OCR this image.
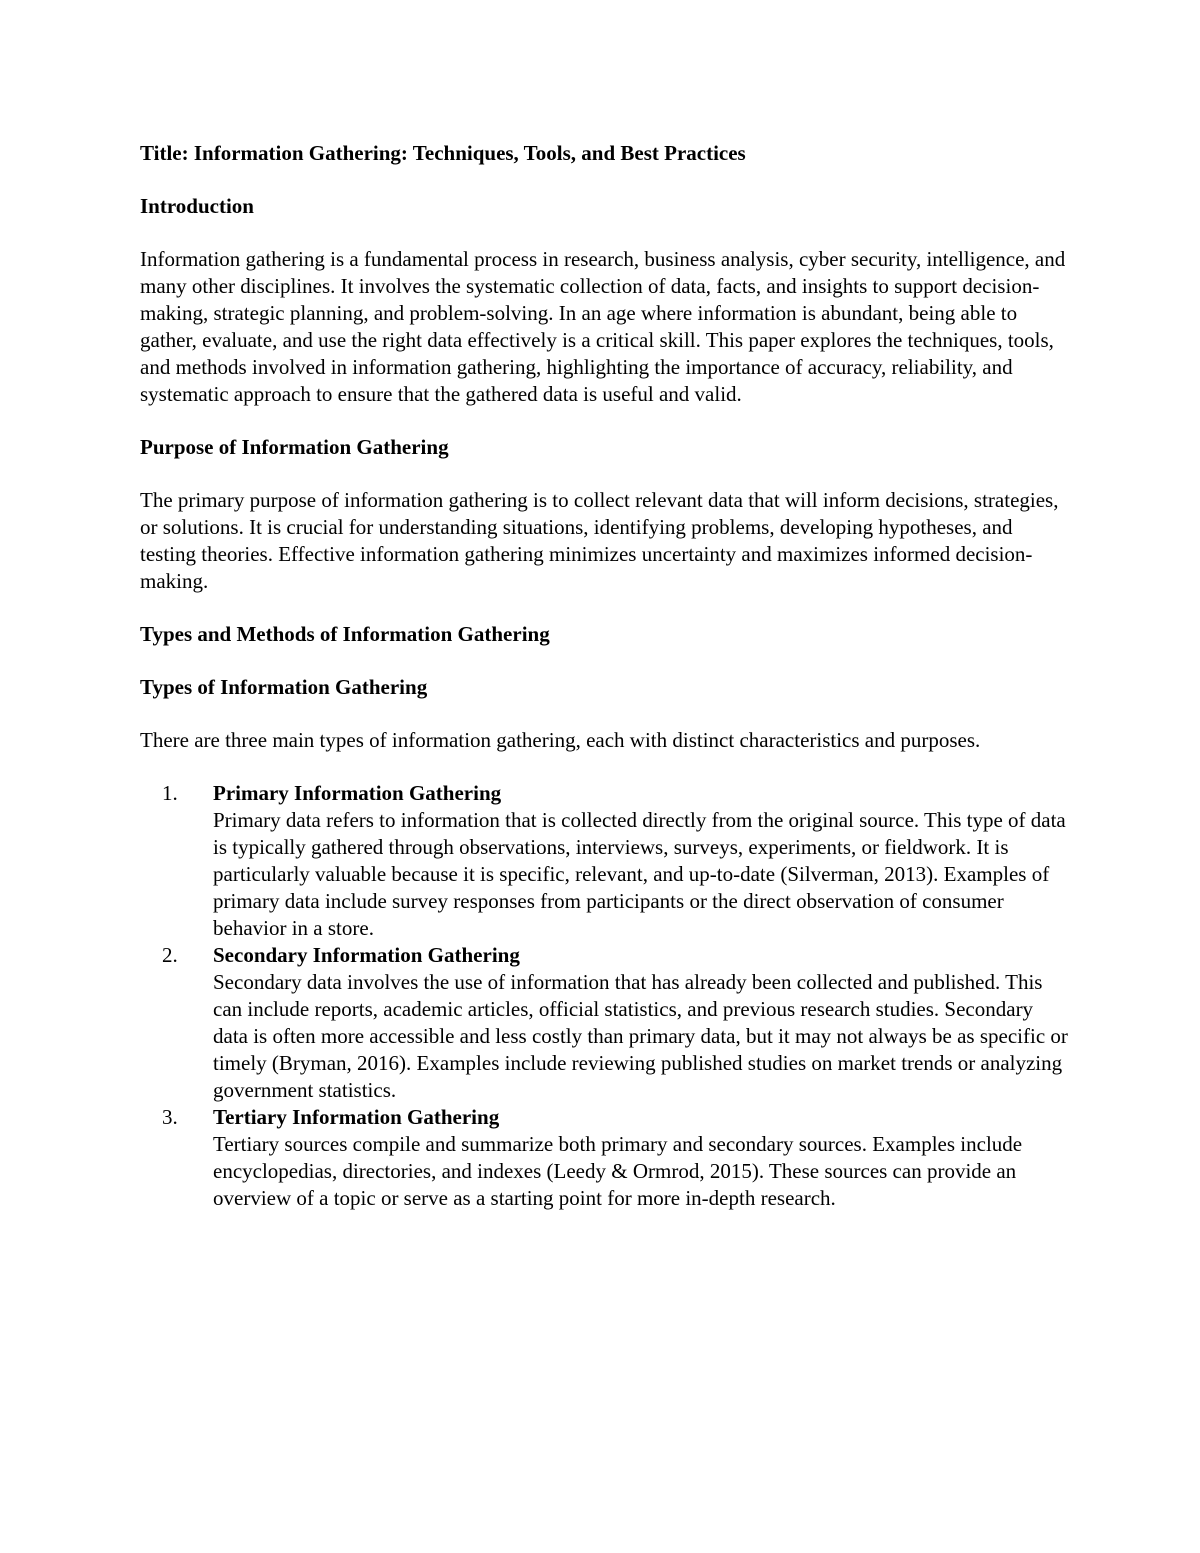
Title: Information Gathering: Techniques, Tools, and Best Practices

Introduction

Information gathering is a fundamental process in research, business analysis, cyber security, intelligence, and many other disciplines. It involves the systematic collection of data, facts, and insights to support decision-making, strategic planning, and problem-solving. In an age where information is abundant, being able to gather, evaluate, and use the right data effectively is a critical skill. This paper explores the techniques, tools, and methods involved in information gathering, highlighting the importance of accuracy, reliability, and systematic approach to ensure that the gathered data is useful and valid.

Purpose of Information Gathering

The primary purpose of information gathering is to collect relevant data that will inform decisions, strategies, or solutions. It is crucial for understanding situations, identifying problems, developing hypotheses, and testing theories. Effective information gathering minimizes uncertainty and maximizes informed decision-making.

Types and Methods of Information Gathering

Types of Information Gathering

There are three main types of information gathering, each with distinct characteristics and purposes.

1. Primary Information Gathering
Primary data refers to information that is collected directly from the original source. This type of data is typically gathered through observations, interviews, surveys, experiments, or fieldwork. It is particularly valuable because it is specific, relevant, and up-to-date (Silverman, 2013). Examples of primary data include survey responses from participants or the direct observation of consumer behavior in a store.
2. Secondary Information Gathering
Secondary data involves the use of information that has already been collected and published. This can include reports, academic articles, official statistics, and previous research studies. Secondary data is often more accessible and less costly than primary data, but it may not always be as specific or timely (Bryman, 2016). Examples include reviewing published studies on market trends or analyzing government statistics.
3. Tertiary Information Gathering
Tertiary sources compile and summarize both primary and secondary sources. Examples include encyclopedias, directories, and indexes (Leedy & Ormrod, 2015). These sources can provide an overview of a topic or serve as a starting point for more in-depth research.
